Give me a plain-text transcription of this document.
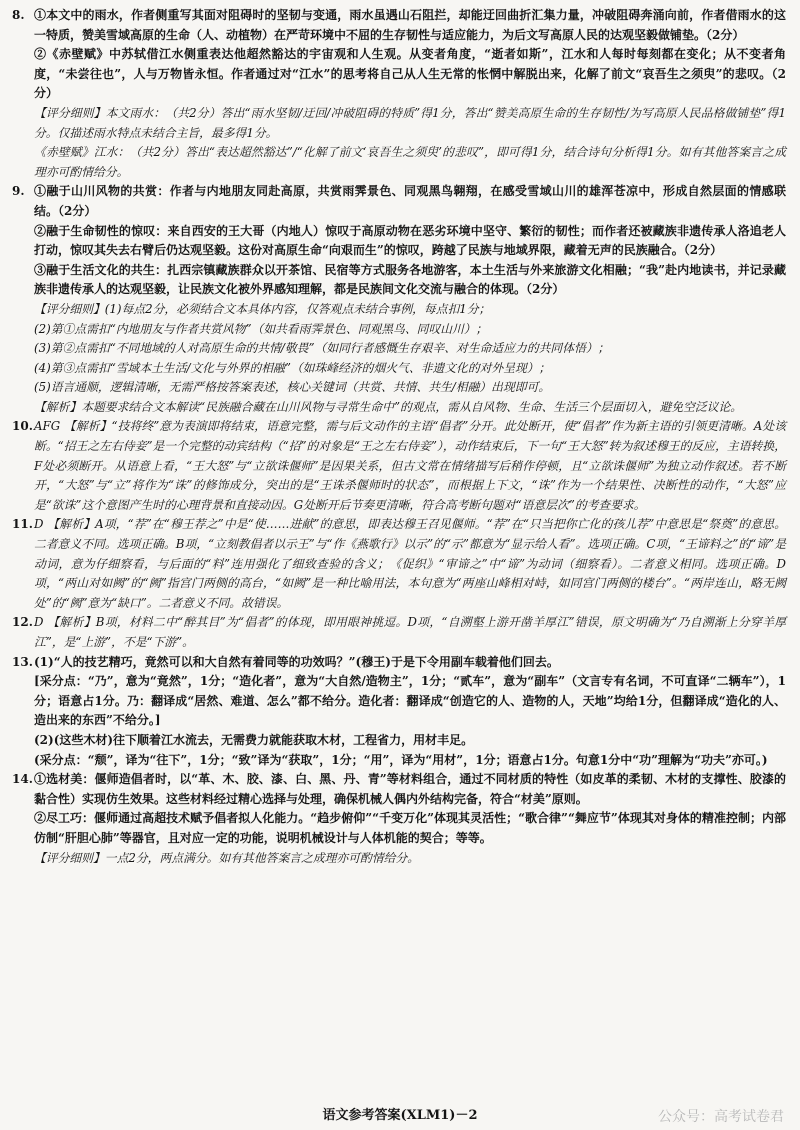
8. ①本文中的雨水，作者侧重写其面对阻碍时的坚韧与变通，雨水虽遇山石阻拦，却能迂回曲折汇集力量，冲破阻碍奔涌向前，作者借雨水的这一特质，赞美雪域高原的生命（人、动植物）在严苛环境中不屈的生存韧性与适应能力，为后文写高原人民的达观坚毅做铺垫。（2分）

②《赤壁赋》中苏轼借江水侧重表达他超然豁达的宇宙观和人生观。从变者角度，“逝者如斯”，江水和人每时每刻都在变化；从不变者角度，“未尝往也”，人与万物皆永恒。作者通过对“江水”的思考将自己从人生无常的怅惘中解脱出来，化解了前文“哀吾生之须臾”的悲叹。（2分）

【评分细则】本文雨水：（共2分）答出“雨水坚韧/迂回/冲破阻碍的特质”得1分，答出“赞美高原生命的生存韧性/为写高原人民品格做铺垫”得1分。仅描述雨水特点未结合主旨，最多得1分。

《赤壁赋》江水：（共2分）答出“表达超然豁达”/“化解了前文‘哀吾生之须臾’的悲叹”，即可得1分，结合诗句分析得1分。如有其他答案言之成理亦可酌情给分。

9. ①融于山川风物的共赏：作者与内地朋友同赴高原，共赏雨霁景色、同观黑鸟翱翔，在感受雪域山川的雄浑苍凉中，形成自然层面的情感联结。（2分）

②融于生命韧性的惊叹：来自西安的王大哥（内地人）惊叹于高原动物在恶劣环境中坚守、繁衍的韧性；而作者还被藏族非遗传承人洛追老人打动，惊叹其失去右臂后仍达观坚毅。这份对高原生命“向艰而生”的惊叹，跨越了民族与地域界限，藏着无声的民族融合。（2分）

③融于生活文化的共生：扎西宗镇藏族群众以开茶馆、民宿等方式服务各地游客，本土生活与外来旅游文化相融；“我”赴内地读书，并记录藏族非遗传承人的达观坚毅，让民族文化被外界感知理解，都是民族间文化交流与融合的体现。（2分）

【评分细则】(1)每点2分，必须结合文本具体内容，仅答观点未结合事例，每点扣1分；

(2)第①点需扣“内地朋友与作者共赏风物”（如共看雨霁景色、同观黑鸟、同叹山川）；

(3)第②点需扣“不同地域的人对高原生命的共情/敬畏”（如同行者感慨生存艰辛、对生命适应力的共同体悟）；

(4)第③点需扣“雪域本土生活/文化与外界的相融”（如珠峰经济的烟火气、非遗文化的对外呈现）；

(5)语言通顺，逻辑清晰，无需严格按答案表述，核心关键词（共赏、共情、共生/相融）出现即可。

【解析】本题要求结合文本解读“民族融合藏在山川风物与寻常生命中”的观点，需从自风物、生命、生活三个层面切入，避免空泛议论。

10. AFG 【解析】“技将终”意为表演即将结束，语意完整，需与后文动作的主语“倡者”分开。此处断开，使“倡者”作为新主语的引领更清晰。A处该断。“招王之左右侍妾”是一个完整的动宾结构（“招”的对象是“王之左右侍妾”），动作结束后，下一句“王大怒”转为叙述穆王的反应，主语转换，F处必须断开。从语意上看，“王大怒”与“立欲诛偃师”是因果关系，但古文常在情绪描写后稍作停顿，且“立欲诛偃师”为独立动作叙述。若不断开，“大怒”与“立”将作为“诛”的修饰成分，突出的是“王诛杀偃师时的状态”，而根据上下文，“诛”作为一个结果性、决断性的动作，“大怒”应是“欲诛”这个意图产生时的心理背景和直接动因。G处断开后节奏更清晰，符合高考断句题对“语意层次”的考查要求。

11. D 【解析】A项，“荐”在“穆王荐之”中是“使……进献”的意思，即表达穆王召见偃师。“荐”在“只当把你亡化的孩儿荐”中意思是“祭奠”的意思。二者意义不同。选项正确。B项，“立刻教倡者以示王”与“作《燕歌行》以示”的“示”都意为“显示给人看”。选项正确。C项，“王谛料之”的“谛”是动词，意为仔细察看，与后面的“料”连用强化了细致查验的含义；《促织》“审谛之”中“谛”为动词（细察看）。二者意义相同。选项正确。D项，“两山对如阙”的“阙”指宫门两侧的高台，“如阙”是一种比喻用法，本句意为“两座山峰相对峙，如同宫门两侧的楼台”。“两岸连山，略无阙处”的“阙”意为“缺口”。二者意义不同。故错误。

12. D 【解析】B项，材料二中“醉其目”为“倡者”的体现，即用眼神挑逗。D项，“自溯壑上游开凿羊厚江”错误，原文明确为“乃自溯渐上分穿羊厚江”，是“上游”，不是“下游”。

13. (1)“人的技艺精巧，竟然可以和大自然有着同等的功效吗？”(穆王)于是下令用副车载着他们回去。

[采分点：“乃”，意为“竟然”，1分；“造化者”，意为“大自然/造物主”，1分；“贰车”，意为“副车”（文言专有名词，不可直译“二辆车”），1分；语意占1分。乃：翻译成“居然、难道、怎么”都不给分。造化者：翻译成“创造它的人、造物的人，天地”均给1分，但翻译成“造化的人、造出来的东西”不给分。]

(2)(这些木材)往下顺着江水流去，无需费力就能获取木材，工程省力，用材丰足。

(采分点：“颓”，译为“往下”，1分；“致”译为“获取”，1分；“用”，译为“用材”，1分；语意占1分。句意1分中“功”理解为“功夫”亦可。)

14. ①选材美：偃师造倡者时，以“革、木、胶、漆、白、黑、丹、青”等材料组合，通过不同材质的特性（如皮革的柔韧、木材的支撑性、胶漆的黏合性）实现仿生效果。这些材料经过精心选择与处理，确保机械人偶内外结构完备，符合“材美”原则。

②尽工巧：偃师通过高超技术赋予倡者拟人化能力。“趋步俯仰”“千变万化”体现其灵活性；“歌合律”“舞应节”体现其对身体的精准控制；内部仿制“肝胆心肺”等器官，且对应一定的功能，说明机械设计与人体机能的契合；等等。

【评分细则】一点2分，两点满分。如有其他答案言之成理亦可酌情给分。

语文参考答案(XLM1)－2	公众号：高考试卷君
